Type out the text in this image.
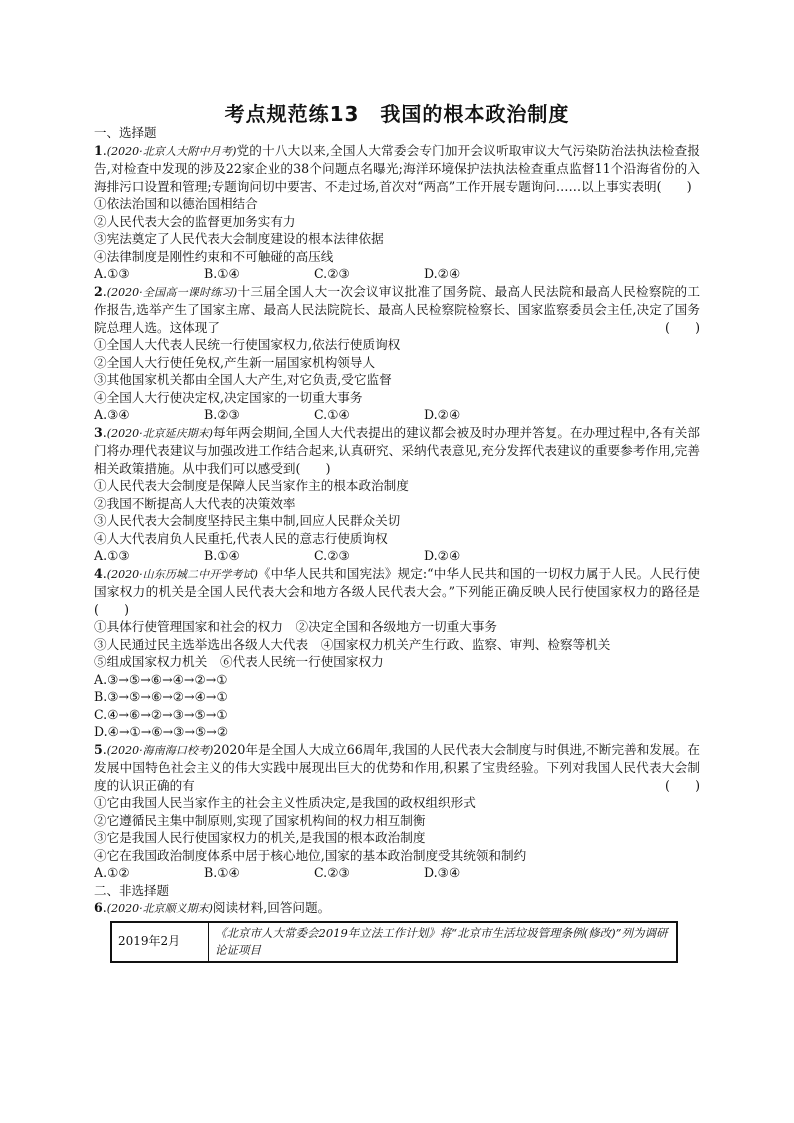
考点规范练13　我国的根本政治制度
一、选择题
1.(2020·北京人大附中月考)党的十八大以来,全国人大常委会专门加开会议听取审议大气污染防治法执法检查报告,对检查中发现的涉及22家企业的38个问题点名曝光;海洋环境保护法执法检查重点监督11个沿海省份的入海排污口设置和管理;专题询问切中要害、不走过场,首次对“两高”工作开展专题询问……以上事实表明(　　)
①依法治国和以德治国相结合
②人民代表大会的监督更加务实有力
③宪法奠定了人民代表大会制度建设的根本法律依据
④法律制度是刚性约束和不可触碰的高压线
A.①③	B.①④	C.②③	D.②④
2.(2020·全国高一课时练习)十三届全国人大一次会议审议批准了国务院、最高人民法院和最高人民检察院的工作报告,选举产生了国家主席、最高人民法院院长、最高人民检察院检察长、国家监察委员会主任,决定了国务院总理人选。这体现了	(　　)
①全国人大代表人民统一行使国家权力,依法行使质询权
②全国人大行使任免权,产生新一届国家机构领导人
③其他国家机关都由全国人大产生,对它负责,受它监督
④全国人大行使决定权,决定国家的一切重大事务
A.③④	B.②③	C.①④	D.②④
3.(2020·北京延庆期末)每年两会期间,全国人大代表提出的建议都会被及时办理并答复。在办理过程中,各有关部门将办理代表建议与加强改进工作结合起来,认真研究、采纳代表意见,充分发挥代表建议的重要参考作用,完善相关政策措施。从中我们可以感受到(　　)
①人民代表大会制度是保障人民当家作主的根本政治制度
②我国不断提高人大代表的决策效率
③人民代表大会制度坚持民主集中制,回应人民群众关切
④人大代表肩负人民重托,代表人民的意志行使质询权
A.①③	B.①④	C.②③	D.②④
4.(2020·山东历城二中开学考试)《中华人民共和国宪法》规定:“中华人民共和国的一切权力属于人民。人民行使国家权力的机关是全国人民代表大会和地方各级人民代表大会。”下列能正确反映人民行使国家权力的路径是(　　)
①具体行使管理国家和社会的权力　②决定全国和各级地方一切重大事务
③人民通过民主选举选出各级人大代表　④国家权力机关产生行政、监察、审判、检察等机关
⑤组成国家权力机关　⑥代表人民统一行使国家权力
A.③→⑤→⑥→④→②→①
B.③→⑤→⑥→②→④→①
C.④→⑥→②→③→⑤→①
D.④→①→⑥→③→⑤→②
5.(2020·海南海口校考)2020年是全国人大成立66周年,我国的人民代表大会制度与时俱进,不断完善和发展。在发展中国特色社会主义的伟大实践中展现出巨大的优势和作用,积累了宝贵经验。下列对我国人民代表大会制度的认识正确的有	(　　)
①它由我国人民当家作主的社会主义性质决定,是我国的政权组织形式
②它遵循民主集中制原则,实现了国家机构间的权力相互制衡
③它是我国人民行使国家权力的机关,是我国的根本政治制度
④它在我国政治制度体系中居于核心地位,国家的基本政治制度受其统领和制约
A.①②	B.①④	C.②③	D.③④
二、非选择题
6.(2020·北京顺义期末)阅读材料,回答问题。
2019年2月	《北京市人大常委会2019年立法工作计划》将“北京市生活垃圾管理条例(修改)”列为调研论证项目
